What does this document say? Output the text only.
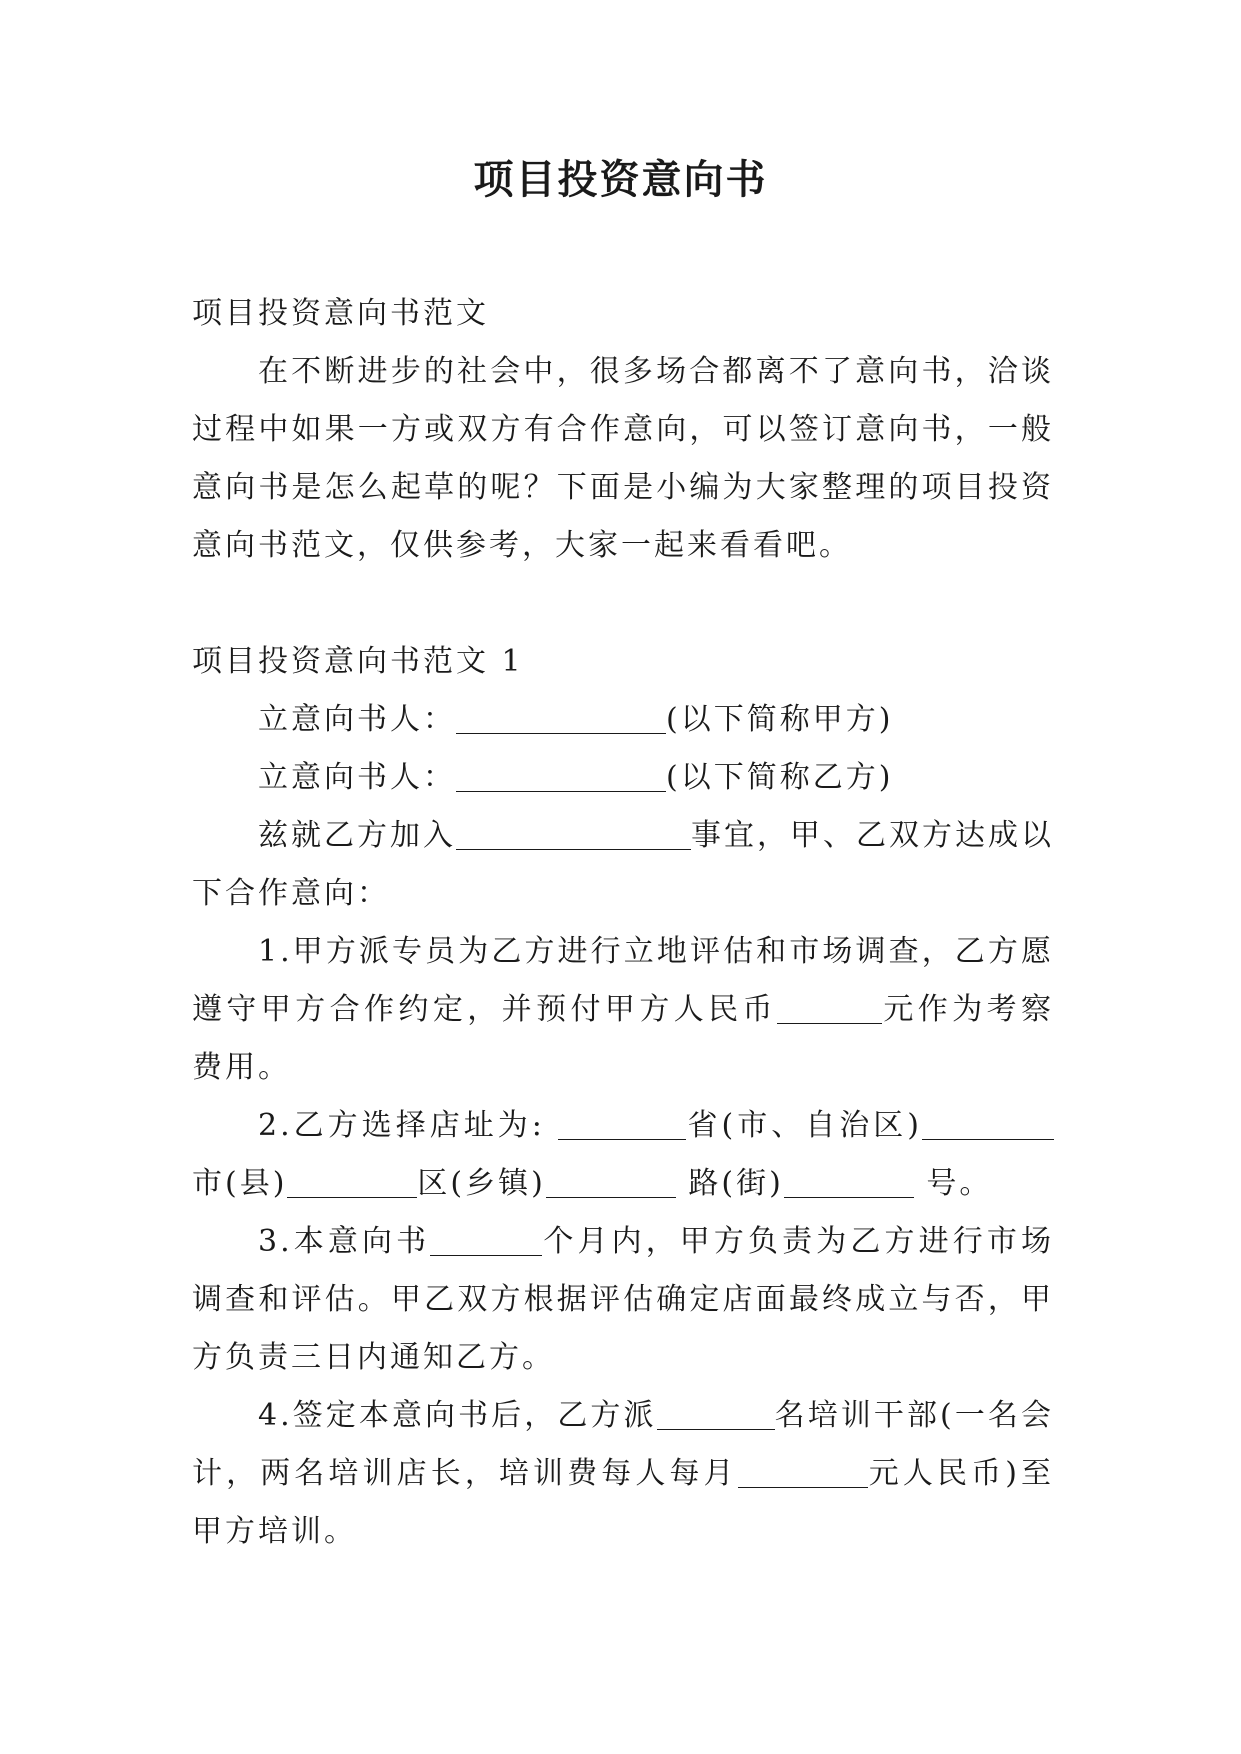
项目投资意向书

项目投资意向书范文

在不断进步的社会中，很多场合都离不了意向书，洽谈过程中如果一方或双方有合作意向，可以签订意向书，一般意向书是怎么起草的呢？下面是小编为大家整理的项目投资意向书范文，仅供参考，大家一起来看看吧。

项目投资意向书范文 1

立意向书人：	(以下简称甲方)

立意向书人：	(以下简称乙方)

兹就乙方加入	事宜，甲、乙双方达成以下合作意向：

1.甲方派专员为乙方进行立地评估和市场调查，乙方愿遵守甲方合作约定，并预付甲方人民币	元作为考察费用。

2.乙方选择店址为:	省(市、自治区)市(县)	区(乡镇)	路(街)	号。

3.本意向书	个月内，甲方负责为乙方进行市场调查和评估。甲乙双方根据评估确定店面最终成立与否，甲方负责三日内通知乙方。

4.签定本意向书后，乙方派	名培训干部(一名会计，两名培训店长，培训费每人每月	元人民币)至甲方培训。
